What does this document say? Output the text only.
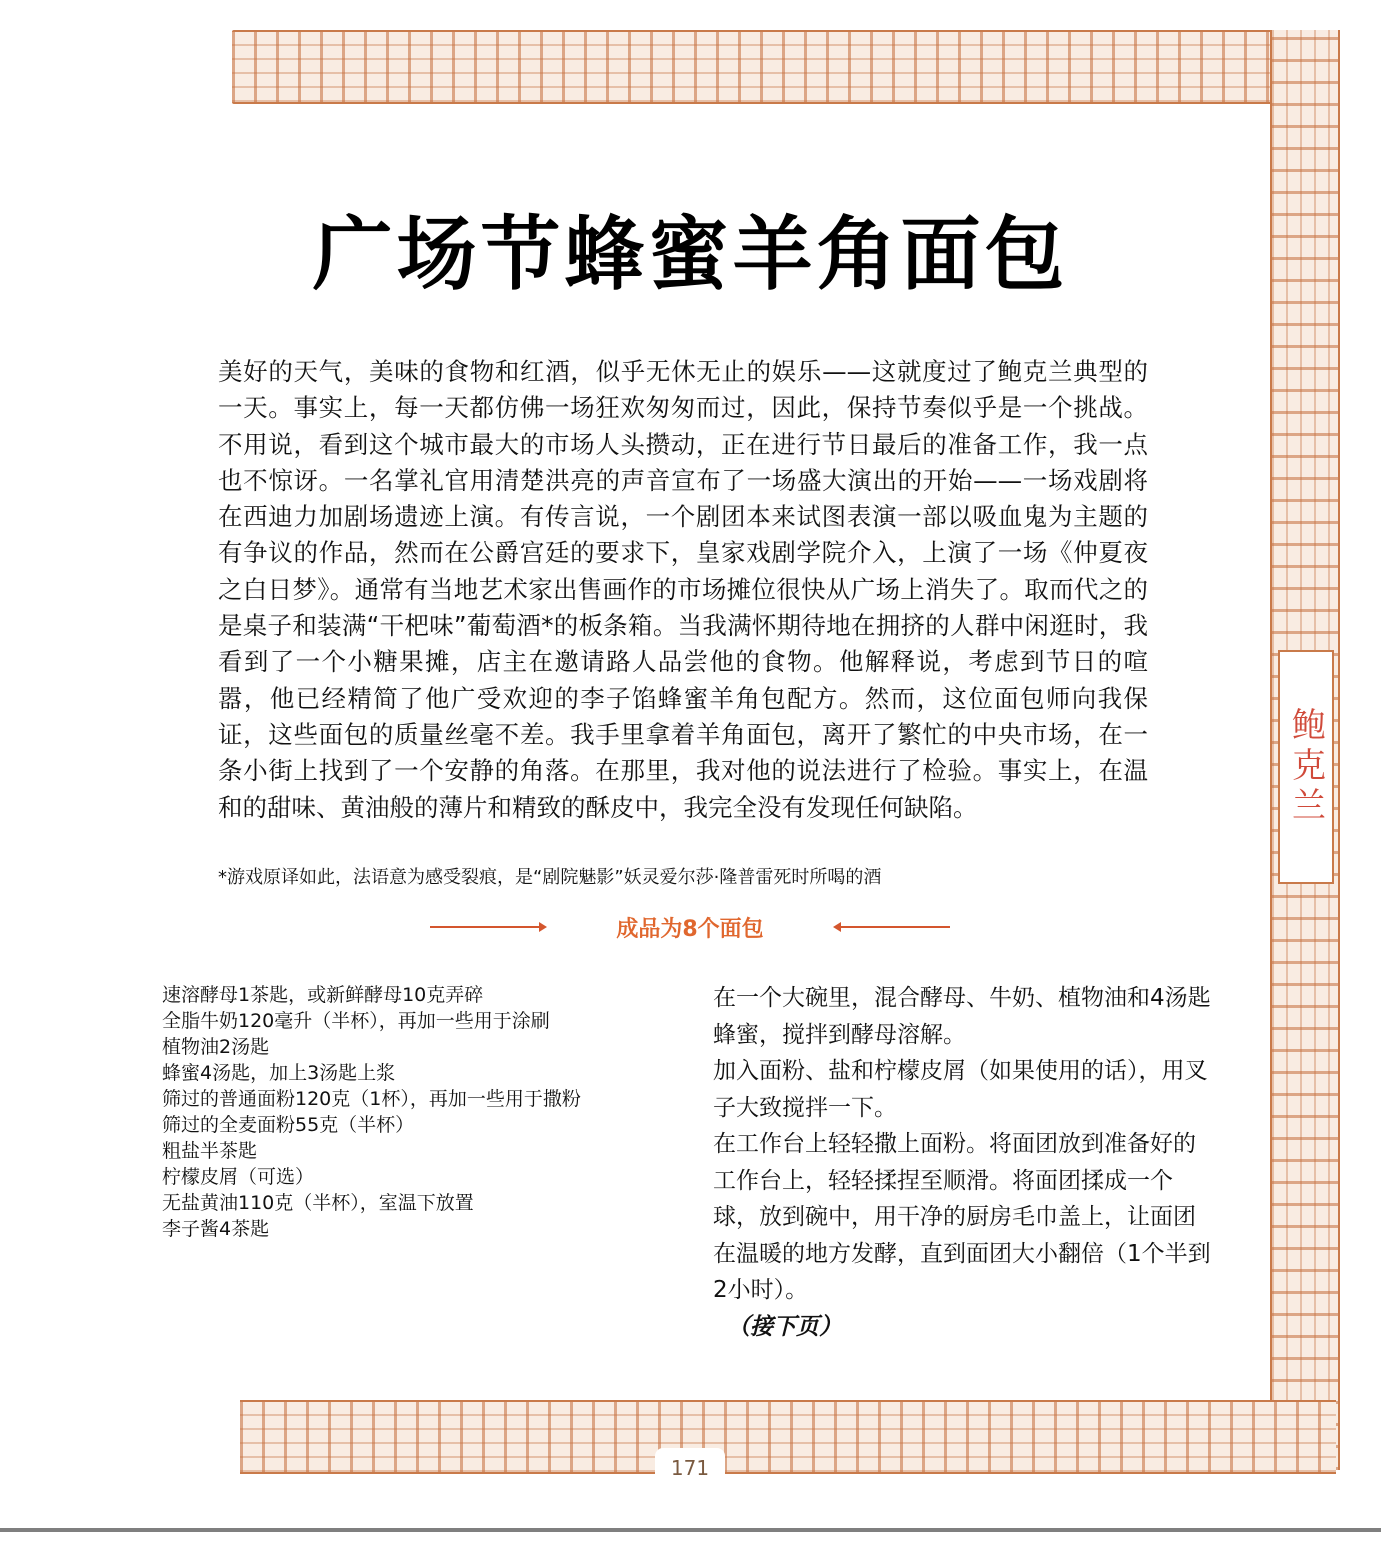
鲍克兰
广场节蜂蜜羊角面包

美好的天气，美味的食物和红酒，似乎无休无止的娱乐——这就度过了鲍克兰典型的一天。事实上，每一天都仿佛一场狂欢匆匆而过，因此，保持节奏似乎是一个挑战。不用说，看到这个城市最大的市场人头攒动，正在进行节日最后的准备工作，我一点也不惊讶。一名掌礼官用清楚洪亮的声音宣布了一场盛大演出的开始——一场戏剧将在西迪力加剧场遗迹上演。有传言说，一个剧团本来试图表演一部以吸血鬼为主题的有争议的作品，然而在公爵宫廷的要求下，皇家戏剧学院介入，上演了一场《仲夏夜之白日梦》。通常有当地艺术家出售画作的市场摊位很快从广场上消失了。取而代之的是桌子和装满“干杷味”葡萄酒*的板条箱。当我满怀期待地在拥挤的人群中闲逛时，我看到了一个小糖果摊，店主在邀请路人品尝他的食物。他解释说，考虑到节日的喧嚣，他已经精简了他广受欢迎的李子馅蜂蜜羊角包配方。然而，这位面包师向我保证，这些面包的质量丝毫不差。我手里拿着羊角面包，离开了繁忙的中央市场，在一条小街上找到了一个安静的角落。在那里，我对他的说法进行了检验。事实上，在温和的甜味、黄油般的薄片和精致的酥皮中，我完全没有发现任何缺陷。

*游戏原译如此，法语意为感受裂痕，是“剧院魅影”妖灵爱尔莎·隆普雷死时所喝的酒
成品为8个面包
速溶酵母1茶匙，或新鲜酵母10克弄碎
全脂牛奶120毫升（半杯），再加一些用于涂刷
植物油2汤匙
蜂蜜4汤匙，加上3汤匙上浆
筛过的普通面粉120克（1杯），再加一些用于撒粉
筛过的全麦面粉55克（半杯）
粗盐半茶匙
柠檬皮屑（可选）
无盐黄油110克（半杯），室温下放置
李子酱4茶匙

在一个大碗里，混合酵母、牛奶、植物油和4汤匙蜂蜜，搅拌到酵母溶解。

加入面粉、盐和柠檬皮屑（如果使用的话），用叉子大致搅拌一下。

在工作台上轻轻撒上面粉。将面团放到准备好的工作台上，轻轻揉捏至顺滑。将面团揉成一个球，放到碗中，用干净的厨房毛巾盖上，让面团在温暖的地方发酵，直到面团大小翻倍（1个半到2小时）。

（接下页）

171
